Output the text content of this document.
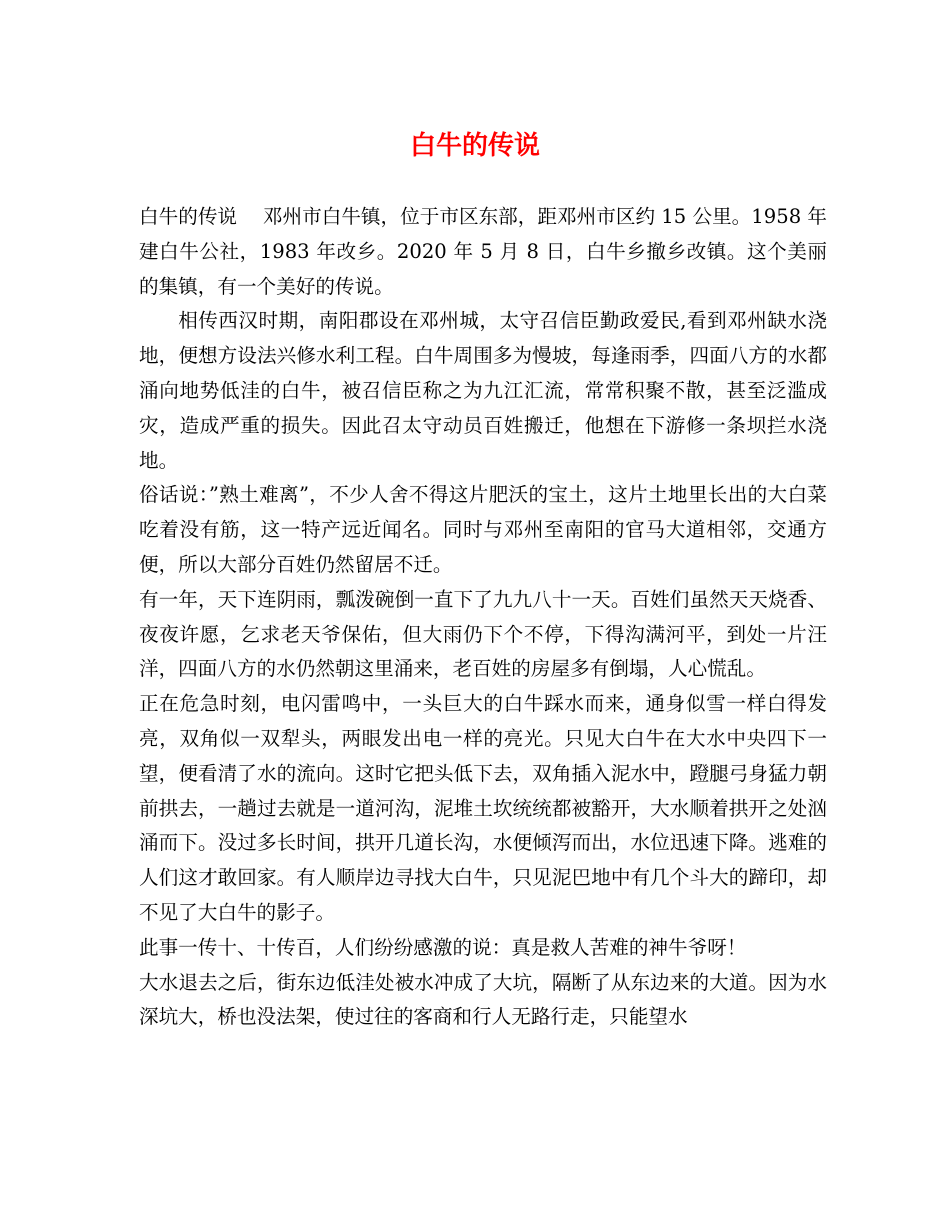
白牛的传说

白牛的传说　 邓州市白牛镇，位于市区东部，距邓州市区约 15 公里。1958 年建白牛公社，1983 年改乡。2020 年 5 月 8 日，白牛乡撤乡改镇。这个美丽的集镇，有一个美好的传说。

相传西汉时期，南阳郡设在邓州城，太守召信臣勤政爱民,看到邓州缺水浇地，便想方设法兴修水利工程。白牛周围多为慢坡，每逢雨季，四面八方的水都涌向地势低洼的白牛，被召信臣称之为九江汇流，常常积聚不散，甚至泛滥成灾，造成严重的损失。因此召太守动员百姓搬迁，他想在下游修一条坝拦水浇地。

俗话说：”熟土难离”，不少人舍不得这片肥沃的宝土，这片土地里长出的大白菜吃着没有筋，这一特产远近闻名。同时与邓州至南阳的官马大道相邻，交通方便，所以大部分百姓仍然留居不迁。

有一年，天下连阴雨，瓢泼碗倒一直下了九九八十一天。百姓们虽然天天烧香、夜夜许愿，乞求老天爷保佑，但大雨仍下个不停，下得沟满河平，到处一片汪洋，四面八方的水仍然朝这里涌来，老百姓的房屋多有倒塌，人心慌乱。

正在危急时刻，电闪雷鸣中，一头巨大的白牛踩水而来，通身似雪一样白得发亮，双角似一双犁头，两眼发出电一样的亮光。只见大白牛在大水中央四下一望，便看清了水的流向。这时它把头低下去，双角插入泥水中，蹬腿弓身猛力朝前拱去，一趟过去就是一道河沟，泥堆土坎统统都被豁开，大水顺着拱开之处汹涌而下。没过多长时间，拱开几道长沟，水便倾泻而出，水位迅速下降。逃难的人们这才敢回家。有人顺岸边寻找大白牛，只见泥巴地中有几个斗大的蹄印，却不见了大白牛的影子。

此事一传十、十传百，人们纷纷感激的说：真是救人苦难的神牛爷呀！

大水退去之后，街东边低洼处被水冲成了大坑，隔断了从东边来的大道。因为水深坑大，桥也没法架，使过往的客商和行人无路行走，只能望水
